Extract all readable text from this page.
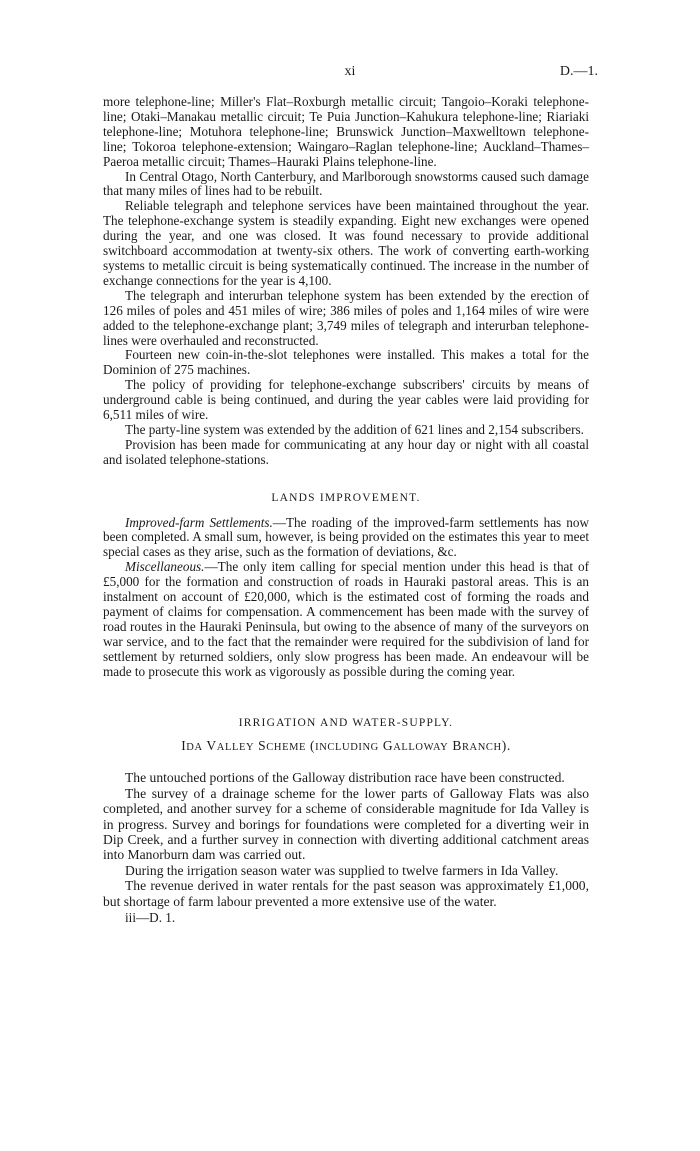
xi	D.—1.

more telephone-line; Miller's Flat–Roxburgh metallic circuit; Tangoio–Koraki telephone-line; Otaki–Manakau metallic circuit; Te Puia Junction–Kahukura telephone-line; Riariaki telephone-line; Motuhora telephone-line; Brunswick Junction–Maxwelltown telephone-line; Tokoroa telephone-extension; Waingaro–Raglan telephone-line; Auckland–Thames–Paeroa metallic circuit; Thames–Hauraki Plains telephone-line.

In Central Otago, North Canterbury, and Marlborough snowstorms caused such damage that many miles of lines had to be rebuilt.

Reliable telegraph and telephone services have been maintained throughout the year. The telephone-exchange system is steadily expanding. Eight new exchanges were opened during the year, and one was closed. It was found necessary to provide additional switchboard accommodation at twenty-six others. The work of converting earth-working systems to metallic circuit is being systematically continued. The increase in the number of exchange connections for the year is 4,100.

The telegraph and interurban telephone system has been extended by the erection of 126 miles of poles and 451 miles of wire; 386 miles of poles and 1,164 miles of wire were added to the telephone-exchange plant; 3,749 miles of telegraph and interurban telephone-lines were overhauled and reconstructed.

Fourteen new coin-in-the-slot telephones were installed. This makes a total for the Dominion of 275 machines.

The policy of providing for telephone-exchange subscribers' circuits by means of underground cable is being continued, and during the year cables were laid providing for 6,511 miles of wire.

The party-line system was extended by the addition of 621 lines and 2,154 subscribers.

Provision has been made for communicating at any hour day or night with all coastal and isolated telephone-stations.

LANDS IMPROVEMENT.

Improved-farm Settlements.—The roading of the improved-farm settlements has now been completed. A small sum, however, is being provided on the estimates this year to meet special cases as they arise, such as the formation of deviations, &c.

Miscellaneous.—The only item calling for special mention under this head is that of £5,000 for the formation and construction of roads in Hauraki pastoral areas. This is an instalment on account of £20,000, which is the estimated cost of forming the roads and payment of claims for compensation. A commencement has been made with the survey of road routes in the Hauraki Peninsula, but owing to the absence of many of the surveyors on war service, and to the fact that the remainder were required for the subdivision of land for settlement by returned soldiers, only slow progress has been made. An endeavour will be made to prosecute this work as vigorously as possible during the coming year.

IRRIGATION AND WATER-SUPPLY.
IDA VALLEY SCHEME (INCLUDING GALLOWAY BRANCH).

The untouched portions of the Galloway distribution race have been constructed.

The survey of a drainage scheme for the lower parts of Galloway Flats was also completed, and another survey for a scheme of considerable magnitude for Ida Valley is in progress. Survey and borings for foundations were completed for a diverting weir in Dip Creek, and a further survey in connection with diverting additional catchment areas into Manorburn dam was carried out.

During the irrigation season water was supplied to twelve farmers in Ida Valley.

The revenue derived in water rentals for the past season was approximately £1,000, but shortage of farm labour prevented a more extensive use of the water.

iii—D. 1.
